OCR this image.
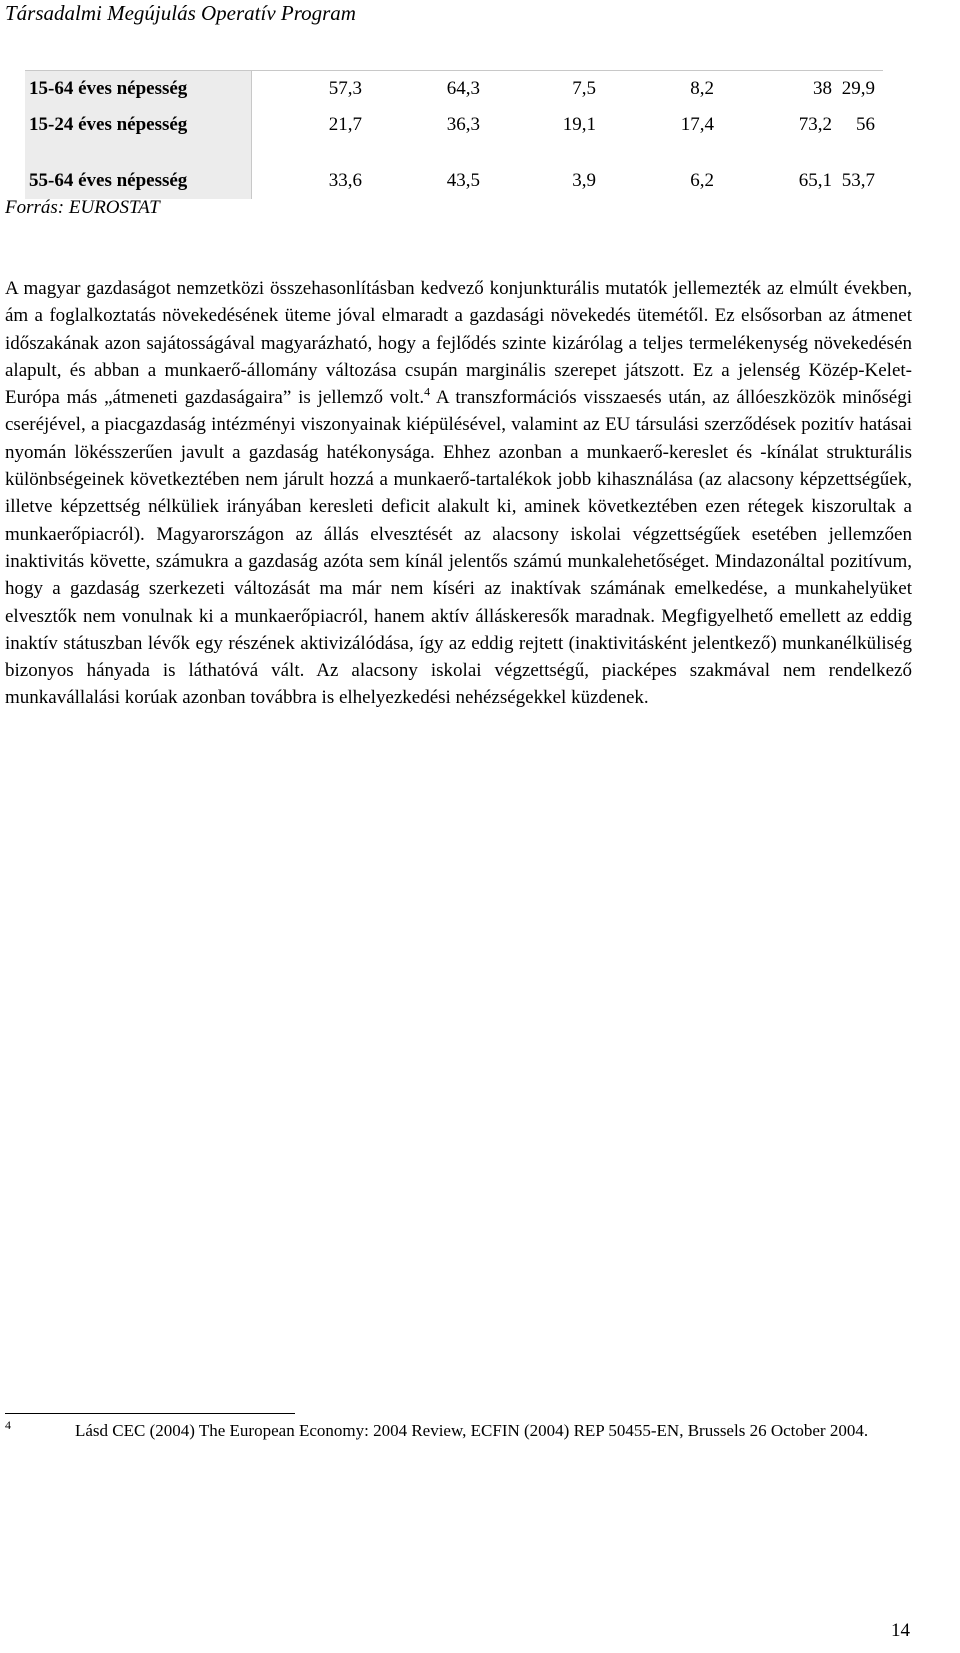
Társadalmi Megújulás Operatív Program
15-64 éves népesség	57,3	64,3	7,5	8,2	38	29,9
15-24 éves népesség	21,7	36,3	19,1	17,4	73,2	56

55-64 éves népesség	33,6	43,5	3,9	6,2	65,1	53,7
Forrás: EUROSTAT

A magyar gazdaságot nemzetközi összehasonlításban kedvező konjunkturális mutatók jellemezték az elmúlt években, ám a foglalkoztatás növekedésének üteme jóval elmaradt a gazdasági növekedés ütemétől. Ez elsősorban az átmenet időszakának azon sajátosságával magyarázható, hogy a fejlődés szinte kizárólag a teljes termelékenység növekedésén alapult, és abban a munkaerő-állomány változása csupán marginális szerepet játszott. Ez a jelenség Közép-Kelet-Európa más „átmeneti gazdaságaira” is jellemző volt.$^4$ A transzformációs visszaesés után, az állóeszközök minőségi cseréjével, a piacgazdaság intézményi viszonyainak kiépülésével, valamint az EU társulási szerződések pozitív hatásai nyomán lökésszerűen javult a gazdaság hatékonysága. Ehhez azonban a munkaerő-kereslet és -kínálat strukturális különbségeinek következtében nem járult hozzá a munkaerő-tartalékok jobb kihasználása (az alacsony képzettségűek, illetve képzettség nélküliek irányában keresleti deficit alakult ki, aminek következtében ezen rétegek kiszorultak a munkaerőpiacról). Magyarországon az állás elvesztését az alacsony iskolai végzettségűek esetében jellemzően inaktivitás követte, számukra a gazdaság azóta sem kínál jelentős számú munkalehetőséget. Mindazonáltal pozitívum, hogy a gazdaság szerkezeti változását ma már nem kíséri az inaktívak számának emelkedése, a munkahelyüket elvesztők nem vonulnak ki a munkaerőpiacról, hanem aktív álláskeresők maradnak. Megfigyelhető emellett az eddig inaktív státuszban lévők egy részének aktivizálódása, így az eddig rejtett (inaktivitásként jelentkező) munkanélküliség bizonyos hányada is láthatóvá vált. Az alacsony iskolai végzettségű, piacképes szakmával nem rendelkező munkavállalási korúak azonban továbbra is elhelyezkedési nehézségekkel küzdenek.

4	Lásd CEC (2004) The European Economy: 2004 Review, ECFIN (2004) REP 50455-EN, Brussels 26 October 2004.

14
